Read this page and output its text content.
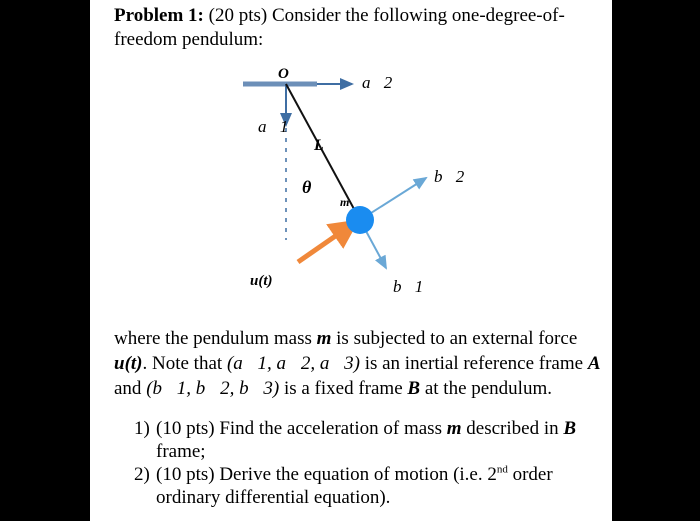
Problem 1: (20 pts) Consider the following one-degree-of-freedom pendulum:
O	a⃗2
a⃗1
L
θ
m
b⃗2
b⃗1
u(t)
where the pendulum mass m is subjected to an external force u(t). Note that (a⃗1, a⃗2, a⃗3) is an inertial reference frame A and (b⃗1, b⃗2, b⃗3) is a fixed frame B at the pendulum.
1) (10 pts) Find the acceleration of mass m described in B frame;
2) (10 pts) Derive the equation of motion (i.e. 2nd order ordinary differential equation).
